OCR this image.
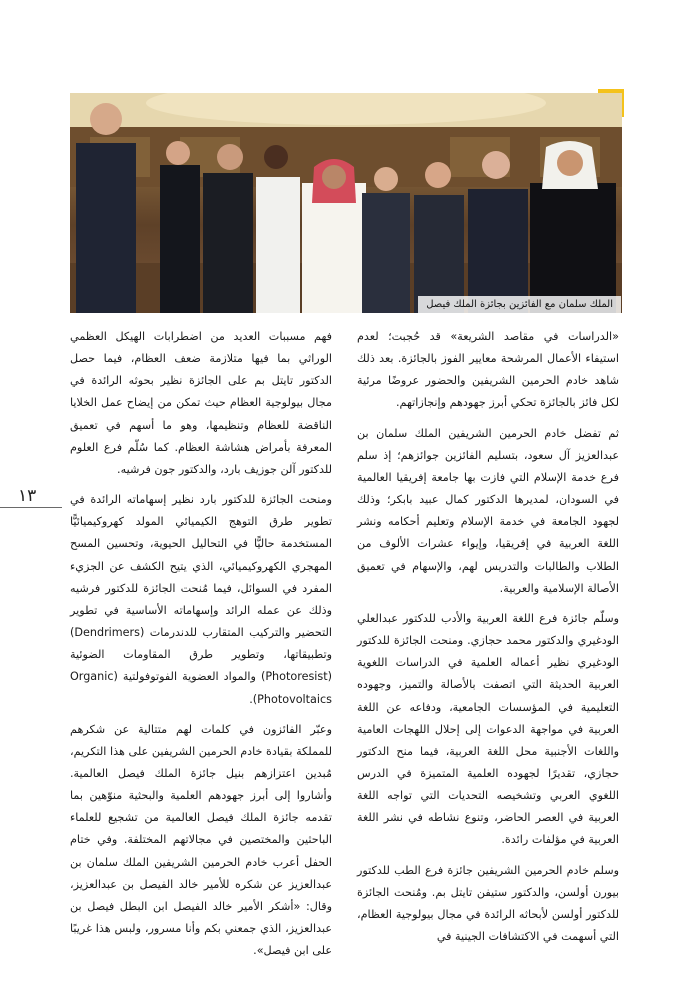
الملك سلمان مع الفائزين بجائزة الملك فيصل
١٣

«الدراسات في مقاصد الشريعة» قد حُجبت؛ لعدم استيفاء الأعمال المرشحة معايير الفوز بالجائزة. بعد ذلك شاهد خادم الحرمين الشريفين والحضور عروضًا مرئية لكل فائز بالجائزة تحكي أبرز جهودهم وإنجازاتهم.

ثم تفضل خادم الحرمين الشريفين الملك سلمان بن عبدالعزيز آل سعود، بتسليم الفائزين جوائزهم؛ إذ سلم فرع خدمة الإسلام التي فازت بها جامعة إفريقيا العالمية في السودان، لمديرها الدكتور كمال عبيد بابكر؛ وذلك لجهود الجامعة في خدمة الإسلام وتعليم أحكامه ونشر اللغة العربية في إفريقيا، وإيواء عشرات الألوف من الطلاب والطالبات والتدريس لهم، والإسهام في تعميق الأصالة الإسلامية والعربية.

وسلّم جائزة فرع اللغة العربية والأدب للدكتور عبدالعلي الودغيري والدكتور محمد حجازي. ومنحت الجائزة للدكتور الودغيري نظير أعماله العلمية في الدراسات اللغوية العربية الحديثة التي اتصفت بالأصالة والتميز، وجهوده التعليمية في المؤسسات الجامعية، ودفاعه عن اللغة العربية في مواجهة الدعوات إلى إحلال اللهجات العامية واللغات الأجنبية محل اللغة العربية، فيما منح الدكتور حجازي، تقديرًا لجهوده العلمية المتميزة في الدرس اللغوي العربي وتشخيصه التحديات التي تواجه اللغة العربية في العصر الحاضر، وتنوع نشاطه في نشر اللغة العربية في مؤلفات رائدة.

وسلم خادم الحرمين الشريفين جائزة فرع الطب للدكتور بيورن أولسن، والدكتور ستيفن تايتل بم. ومُنحت الجائزة للدكتور أولسن لأبحاثه الرائدة في مجال بيولوجية العظام، التي أسهمت في الاكتشافات الجينية في

فهم مسببات العديد من اضطرابات الهيكل العظمي الوراثي بما فيها متلازمة ضعف العظام، فيما حصل الدكتور تايتل بم على الجائزة نظير بحوثه الرائدة في مجال بيولوجية العظام حيث تمكن من إيضاح عمل الخلايا الناقضة للعظام وتنظيمها، وهو ما أسهم في تعميق المعرفة بأمراض هشاشة العظام. كما سُلّم فرع العلوم للدكتور آلن جوزيف بارد، والدكتور جون فرشيه.

ومنحت الجائزة للدكتور بارد نظير إسهاماته الرائدة في تطوير طرق التوهج الكيميائي المولد كهروكيميائيًّا المستخدمة حاليًّا في التحاليل الحيوية، وتحسين المسح المهجري الكهروكيميائي، الذي يتيح الكشف عن الجزيء المفرد في السوائل، فيما مُنحت الجائزة للدكتور فرشيه وذلك عن عمله الرائد وإسهاماته الأساسية في تطوير التحضير والتركيب المتقارب للدندرمات (Dendrimers) وتطبيقاتها، وتطوير طرق المقاومات الضوئية (Photoresist) والمواد العضوية الفوتوفولتية (Organic Photovoltaics).

وعبّر الفائزون في كلمات لهم متتالية عن شكرهم للمملكة بقيادة خادم الحرمين الشريفين على هذا التكريم، مُبدين اعتزازهم بنيل جائزة الملك فيصل العالمية. وأشاروا إلى أبرز جهودهم العلمية والبحثية منوّهين بما تقدمه جائزة الملك فيصل العالمية من تشجيع للعلماء الباحثين والمختصين في مجالاتهم المختلفة. وفي ختام الحفل أعرب خادم الحرمين الشريفين الملك سلمان بن عبدالعزيز عن شكره للأمير خالد الفيصل بن عبدالعزيز، وقال: «أشكر الأمير خالد الفيصل ابن البطل فيصل بن عبدالعزيز، الذي جمعني بكم وأنا مسرور، ولبس هذا غريبًا على ابن فيصل».
